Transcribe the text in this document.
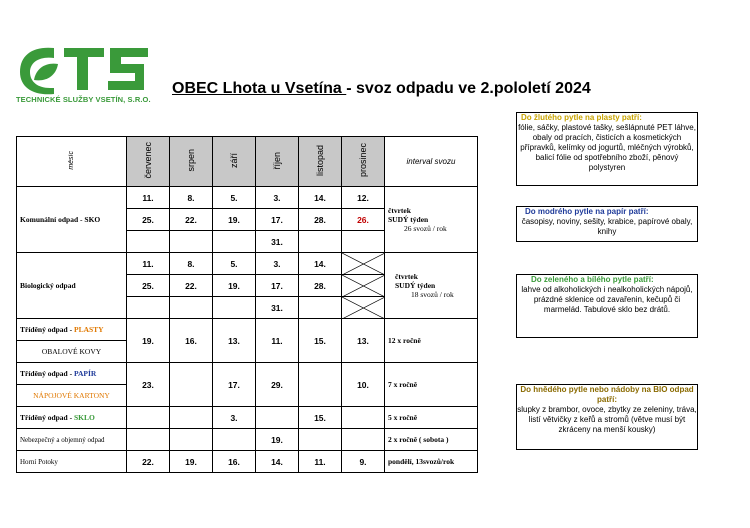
TECHNICKÉ SLUŽBY VSETÍN, S.R.O.
OBEC Lhota u Vsetína - svoz odpadu ve 2.pololetí 2024
měsíc	červenec	srpen	září	říjen	listopad	prosinec	interval svozu
Komunální odpad - SKO	11.	8.	5.	3.	14.	12.	čtvrtek
SUDÝ týden
26 svozů / rok

	25.	22.	19.	17.	28.	26.	
				31.			
Biologický odpad	11.	8.	5.	3.	14.		čtvrtek
SUDÝ týden
18 svozů / rok

	25.	22.	19.	17.	28.	

				31.		

Tříděný odpad - PLASTY	19.	16.	13.	11.	15.	13.	12 x ročně
OBALOVÉ KOVY							
Tříděný odpad - PAPÍR	23.		17.	29.		10.	7 x ročně
NÁPOJOVÉ KARTONY							
Tříděný odpad - SKLO			3.		15.		5 x ročně
Nebezpečný a objemný odpad				19.			2 x ročně ( sobota )
Horní Potoky	22.	19.	16.	14.	11.	9.	pondělí, 13svozů/rok
Do žlutého pytle na plasty patří:
fólie, sáčky, plastové tašky, sešlápnuté PET láhve, obaly od pracích, čisticích a kosmetických přípravků, kelímky od jogurtů, mléčných výrobků, balicí fólie od spotřebního zboží, pěnový polystyren
Do modrého pytle na papír patří:
časopisy, noviny, sešity, krabice, papírové obaly, knihy
Do zeleného a bílého pytle patří:
lahve od alkoholických i nealkoholických nápojů, prázdné sklenice od zavařenin, kečupů či marmelád. Tabulové sklo bez drátů.
Do hnědého pytle nebo nádoby na BIO odpad patří:
slupky z brambor, ovoce, zbytky ze zeleniny, tráva, listí větvičky z keřů a stromů (větve musí být zkráceny na menší kousky)
